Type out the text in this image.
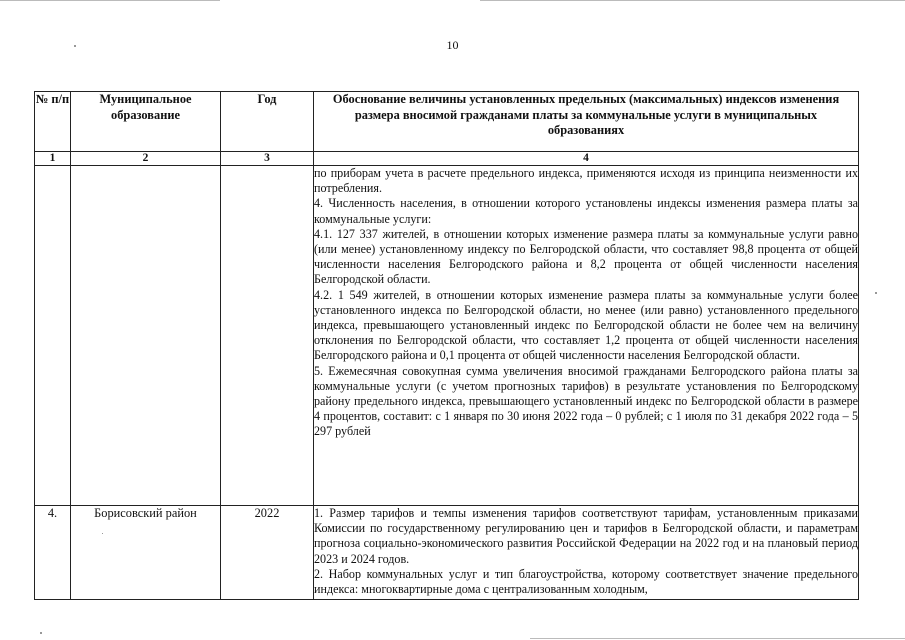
10
№ п/п	Муниципальное образование	Год	Обоснование величины установленных предельных (максимальных) индексов изменения размера вносимой гражданами платы за коммунальные услуги в муниципальных образованиях
1	2	3	4

			по приборам учета в расчете предельного индекса, применяются исходя из принципа неизменности их потребления.

4. Численность населения, в отношении которого установлены индексы изменения размера платы за коммунальные услуги:

4.1. 127 337 жителей, в отношении которых изменение размера платы за коммунальные услуги равно (или менее) установленному индексу по Белгородской области, что составляет 98,8 процента от общей численности населения Белгородского района и 8,2 процента от общей численности населения Белгородской области.

4.2. 1 549 жителей, в отношении которых изменение размера платы за коммунальные услуги более установленного индекса по Белгородской области, но менее (или равно) установленного предельного индекса, превышающего установленный индекс по Белгородской области не более чем на величину отклонения по Белгородской области, что составляет 1,2 процента от общей численности населения Белгородского района и 0,1 процента от общей численности населения Белгородской области.

5. Ежемесячная совокупная сумма увеличения вносимой гражданами Белгородского района платы за коммунальные услуги (с учетом прогнозных тарифов) в результате установления по Белгородскому району предельного индекса, превышающего установленный индекс по Белгородской области в размере 4 процентов, составит: с 1 января по 30 июня 2022 года – 0 рублей; с 1 июля по 31 декабря 2022 года – 5 297 рублей

4.	Борисовский район	2022	1. Размер тарифов и темпы изменения тарифов соответствуют тарифам, установленным приказами Комиссии по государственному регулированию цен и тарифов в Белгородской области, и параметрам прогноза социально-экономического развития Российской Федерации на 2022 год и на плановый период 2023 и 2024 годов.

2. Набор коммунальных услуг и тип благоустройства, которому соответствует значение предельного индекса: многоквартирные дома с централизованным холодным,
